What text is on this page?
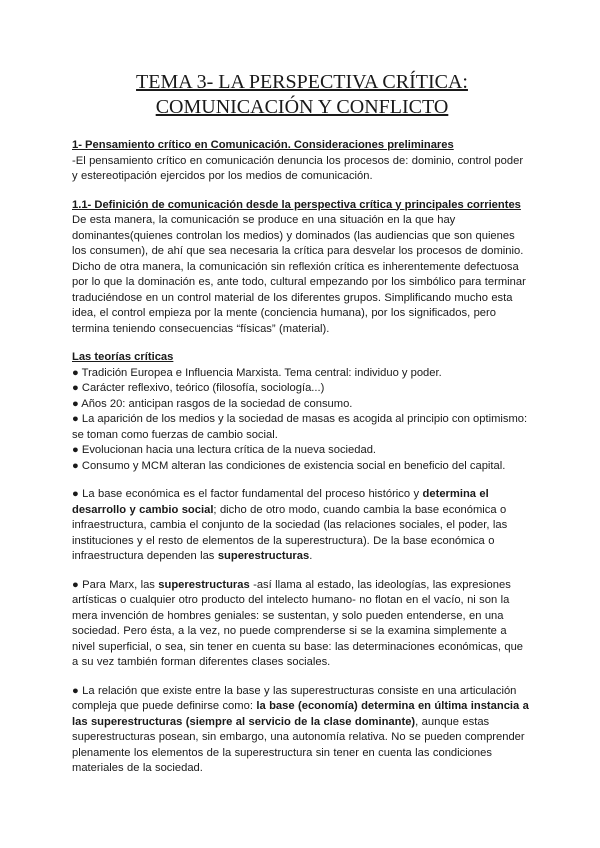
TEMA 3- LA PERSPECTIVA CRÍTICA:
COMUNICACIÓN Y CONFLICTO

1- Pensamiento crítico en Comunicación. Consideraciones preliminares

-El pensamiento crítico en comunicación denuncia los procesos de: dominio, control poder y estereotipación ejercidos por los medios de comunicación.

1.1- Definición de comunicación desde la perspectiva crítica y principales corrientes

De esta manera, la comunicación se produce en una situación en la que hay dominantes(quienes controlan los medios) y dominados (las audiencias que son quienes los consumen), de ahí que sea necesaria la crítica para desvelar los procesos de dominio. Dicho de otra manera, la comunicación sin reflexión crítica es inherentemente defectuosa por lo que la dominación es, ante todo, cultural empezando por los simbólico para terminar traduciéndose en un control material de los diferentes grupos. Simplificando mucho esta idea, el control empieza por la mente (conciencia humana), por los significados, pero termina teniendo consecuencias “físicas” (material).

Las teorías críticas

● Tradición Europea e Influencia Marxista. Tema central: individuo y poder.
● Carácter reflexivo, teórico (filosofía, sociología...)
● Años 20: anticipan rasgos de la sociedad de consumo.
● La aparición de los medios y la sociedad de masas es acogida al principio con optimismo: se toman como fuerzas de cambio social.
● Evolucionan hacia una lectura crítica de la nueva sociedad.
● Consumo y MCM alteran las condiciones de existencia social en beneficio del capital.

● La base económica es el factor fundamental del proceso histórico y determina el desarrollo y cambio social; dicho de otro modo, cuando cambia la base económica o infraestructura, cambia el conjunto de la sociedad (las relaciones sociales, el poder, las instituciones y el resto de elementos de la superestructura). De la base económica o infraestructura dependen las superestructuras.

● Para Marx, las superestructuras -así llama al estado, las ideologías, las expresiones artísticas o cualquier otro producto del intelecto humano- no flotan en el vacío, ni son la mera invención de hombres geniales: se sustentan, y solo pueden entenderse, en una sociedad. Pero ésta, a la vez, no puede comprenderse si se la examina simplemente a nivel superficial, o sea, sin tener en cuenta su base: las determinaciones económicas, que a su vez también forman diferentes clases sociales.

● La relación que existe entre la base y las superestructuras consiste en una articulación compleja que puede definirse como: la base (economía) determina en última instancia a las superestructuras (siempre al servicio de la clase dominante), aunque estas superestructuras posean, sin embargo, una autonomía relativa. No se pueden comprender plenamente los elementos de la superestructura sin tener en cuenta las condiciones materiales de la sociedad.
